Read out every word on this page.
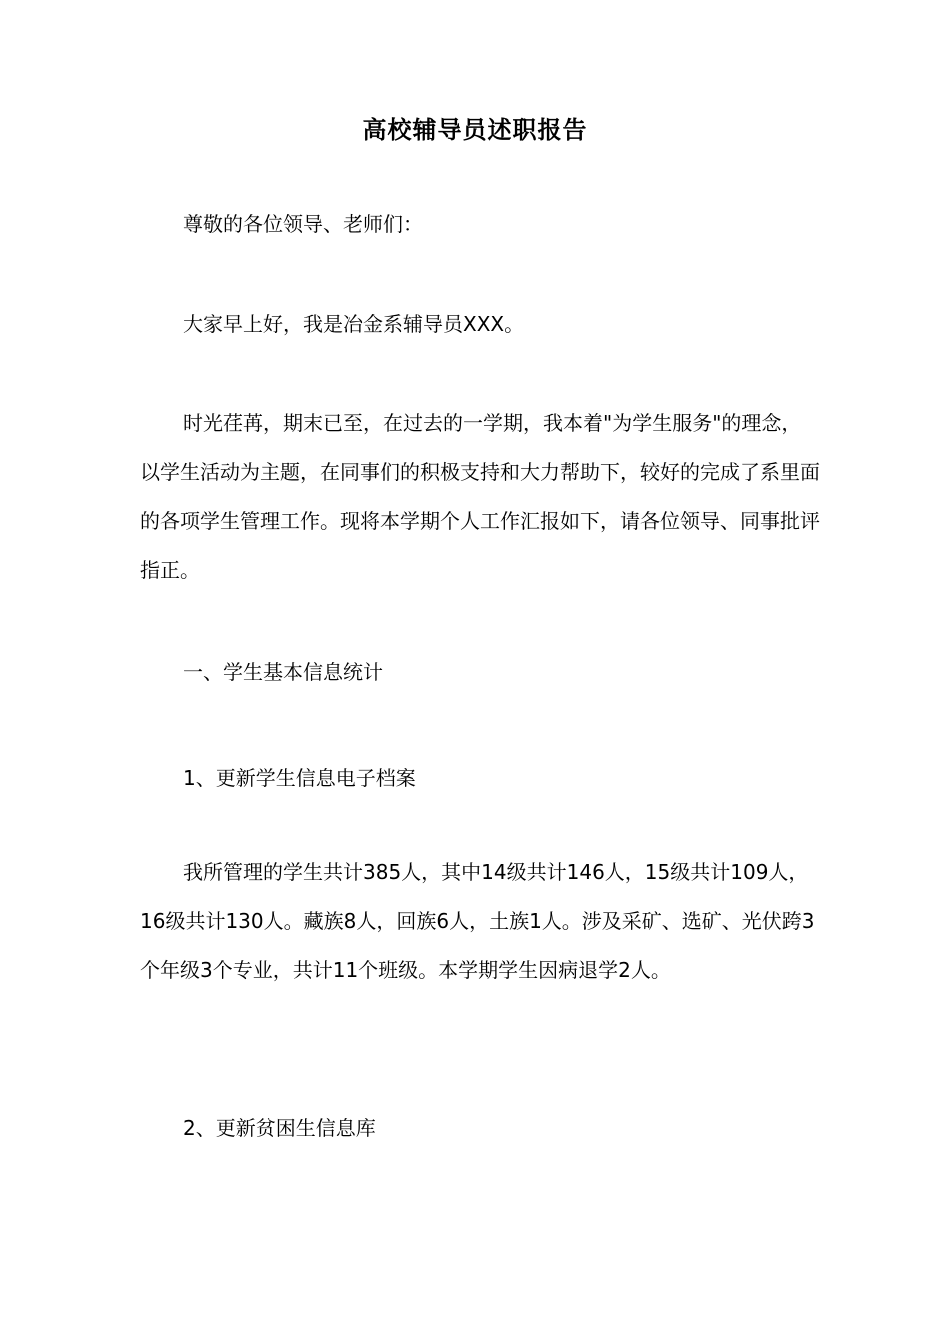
高校辅导员述职报告

尊敬的各位领导、老师们：

大家早上好，我是冶金系辅导员XXX。

时光荏苒，期末已至，在过去的一学期，我本着"为学生服务"的理念，以学生活动为主题，在同事们的积极支持和大力帮助下，较好的完成了系里面的各项学生管理工作。现将本学期个人工作汇报如下，请各位领导、同事批评指正。

一、学生基本信息统计

1、更新学生信息电子档案

我所管理的学生共计385人，其中14级共计146人，15级共计109人，16级共计130人。藏族8人，回族6人，土族1人。涉及采矿、选矿、光伏跨3个年级3个专业，共计11个班级。本学期学生因病退学2人。

2、更新贫困生信息库
